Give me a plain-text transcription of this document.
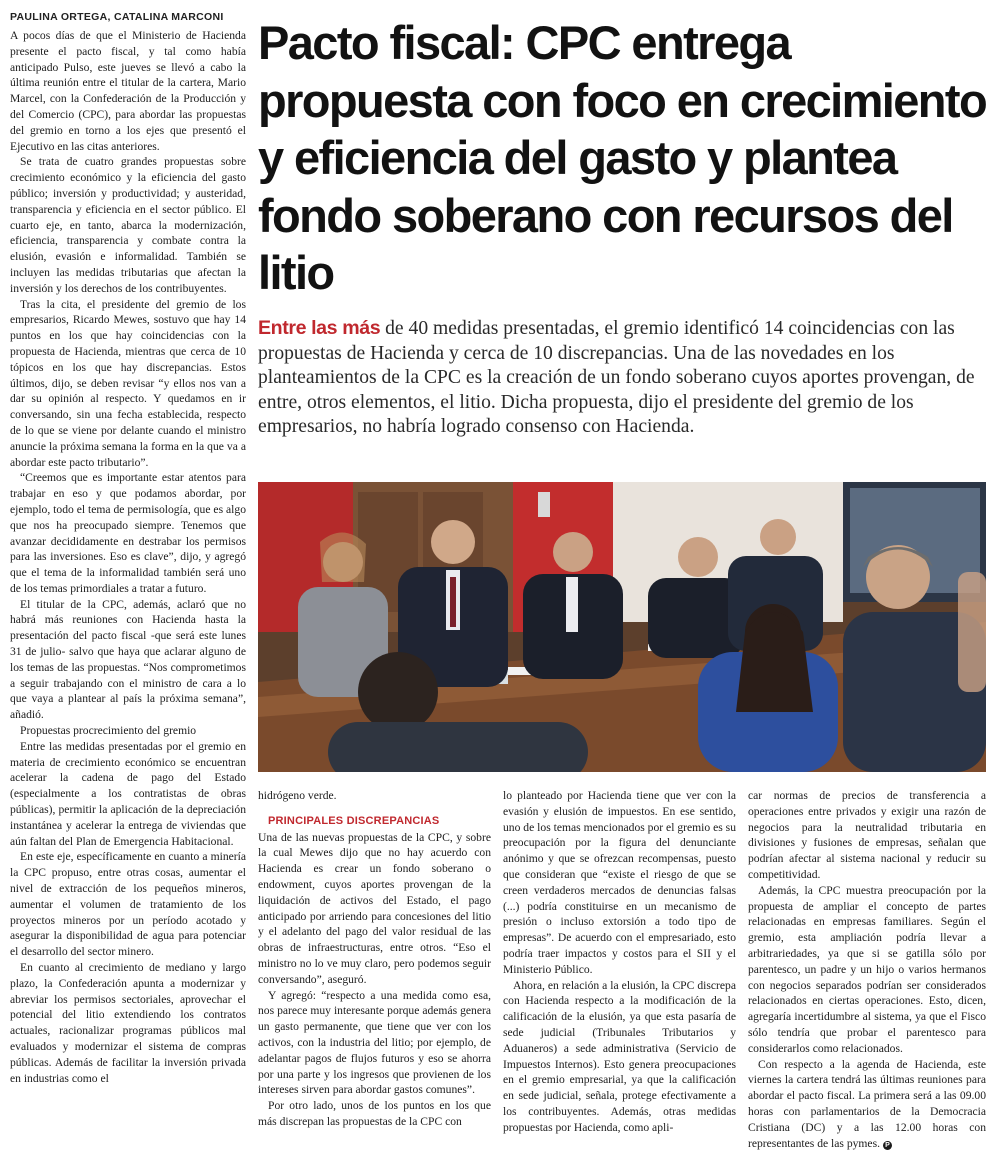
PAULINA ORTEGA, CATALINA MARCONI

A pocos días de que el Ministerio de Hacienda presente el pacto fiscal, y tal como había anticipado Pulso, este jueves se llevó a cabo la última reunión entre el titular de la cartera, Mario Marcel, con la Confederación de la Producción y del Comercio (CPC), para abordar las propuestas del gremio en torno a los ejes que presentó el Ejecutivo en las citas anteriores.

Se trata de cuatro grandes propuestas sobre crecimiento económico y la eficiencia del gasto público; inversión y productividad; y austeridad, transparencia y eficiencia en el sector público. El cuarto eje, en tanto, abarca la modernización, eficiencia, transparencia y combate contra la elusión, evasión e informalidad. También se incluyen las medidas tributarias que afectan la inversión y los derechos de los contribuyentes.

Tras la cita, el presidente del gremio de los empresarios, Ricardo Mewes, sostuvo que hay 14 puntos en los que hay coincidencias con la propuesta de Hacienda, mientras que cerca de 10 tópicos en los que hay discrepancias. Estos últimos, dijo, se deben revisar “y ellos nos van a dar su opinión al respecto. Y quedamos en ir conversando, sin una fecha establecida, respecto de lo que se viene por delante cuando el ministro anuncie la próxima semana la forma en la que va a abordar este pacto tributario”.

“Creemos que es importante estar atentos para trabajar en eso y que podamos abordar, por ejemplo, todo el tema de permisología, que es algo que nos ha preocupado siempre. Tenemos que avanzar decididamente en destrabar los permisos para las inversiones. Eso es clave”, dijo, y agregó que el tema de la informalidad también será uno de los temas primordiales a tratar a futuro.

El titular de la CPC, además, aclaró que no habrá más reuniones con Hacienda hasta la presentación del pacto fiscal -que será este lunes 31 de julio- salvo que haya que aclarar alguno de los temas de las propuestas. “Nos comprometimos a seguir trabajando con el ministro de cara a lo que vaya a plantear al país la próxima semana”, añadió.

Propuestas procrecimiento del gremio

Entre las medidas presentadas por el gremio en materia de crecimiento económico se encuentran acelerar la cadena de pago del Estado (especialmente a los contratistas de obras públicas), permitir la aplicación de la depreciación instantánea y acelerar la entrega de viviendas que aún faltan del Plan de Emergencia Habitacional.

En este eje, específicamente en cuanto a minería la CPC propuso, entre otras cosas, aumentar el nivel de extracción de los pequeños mineros, aumentar el volumen de tratamiento de los proyectos mineros por un período acotado y asegurar la disponibilidad de agua para potenciar el desarrollo del sector minero.

En cuanto al crecimiento de mediano y largo plazo, la Confederación apunta a modernizar y abreviar los permisos sectoriales, aprovechar el potencial del litio extendiendo los contratos actuales, racionalizar programas públicos mal evaluados y modernizar el sistema de compras públicas. Además de facilitar la inversión privada en industrias como el

Pacto fiscal: CPC entrega propuesta con foco en crecimiento y eficiencia del gasto y plantea fondo soberano con recursos del litio
Entre las más de 40 medidas presentadas, el gremio identificó 14 coincidencias con las propuestas de Hacienda y cerca de 10 discrepancias. Una de las novedades en los planteamientos de la CPC es la creación de un fondo soberano cuyos aportes provengan, de entre, otros elementos, el litio. Dicha propuesta, dijo el presidente del gremio de los empresarios, no habría logrado consenso con Hacienda.

hidrógeno verde.

PRINCIPALES DISCREPANCIAS

Una de las nuevas propuestas de la CPC, y sobre la cual Mewes dijo que no hay acuerdo con Hacienda es crear un fondo soberano o endowment, cuyos aportes provengan de la liquidación de activos del Estado, el pago anticipado por arriendo para concesiones del litio y el adelanto del pago del valor residual de las obras de infraestructuras, entre otros. “Eso el ministro no lo ve muy claro, pero podemos seguir conversando”, aseguró.

Y agregó: “respecto a una medida como esa, nos parece muy interesante porque además genera un gasto permanente, que tiene que ver con los activos, con la industria del litio; por ejemplo, de adelantar pagos de flujos futuros y eso se ahorra por una parte y los ingresos que provienen de los intereses sirven para abordar gastos comunes”.

Por otro lado, unos de los puntos en los que más discrepan las propuestas de la CPC con

lo planteado por Hacienda tiene que ver con la evasión y elusión de impuestos. En ese sentido, uno de los temas mencionados por el gremio es su preocupación por la figura del denunciante anónimo y que se ofrezcan recompensas, puesto que consideran que “existe el riesgo de que se creen verdaderos mercados de denuncias falsas (...) podría constituirse en un mecanismo de presión o incluso extorsión a todo tipo de empresas”. De acuerdo con el empresariado, esto podría traer impactos y costos para el SII y el Ministerio Público.

Ahora, en relación a la elusión, la CPC discrepa con Hacienda respecto a la modificación de la calificación de la elusión, ya que esta pasaría de sede judicial (Tribunales Tributarios y Aduaneros) a sede administrativa (Servicio de Impuestos Internos). Esto genera preocupaciones en el gremio empresarial, ya que la calificación en sede judicial, señala, protege efectivamente a los contribuyentes. Además, otras medidas propuestas por Hacienda, como apli-

car normas de precios de transferencia a operaciones entre privados y exigir una razón de negocios para la neutralidad tributaria en divisiones y fusiones de empresas, señalan que podrían afectar al sistema nacional y reducir su competitividad.

Además, la CPC muestra preocupación por la propuesta de ampliar el concepto de partes relacionadas en empresas familiares. Según el gremio, esta ampliación podría llevar a arbitrariedades, ya que si se gatilla sólo por parentesco, un padre y un hijo o varios hermanos con negocios separados podrían ser considerados relacionados en ciertas operaciones. Esto, dicen, agregaría incertidumbre al sistema, ya que el Fisco sólo tendría que probar el parentesco para considerarlos como relacionados.

Con respecto a la agenda de Hacienda, este viernes la cartera tendrá las últimas reuniones para abordar el pacto fiscal. La primera será a las 09.00 horas con parlamentarios de la Democracia Cristiana (DC) y a las 12.00 horas con representantes de las pymes. P
